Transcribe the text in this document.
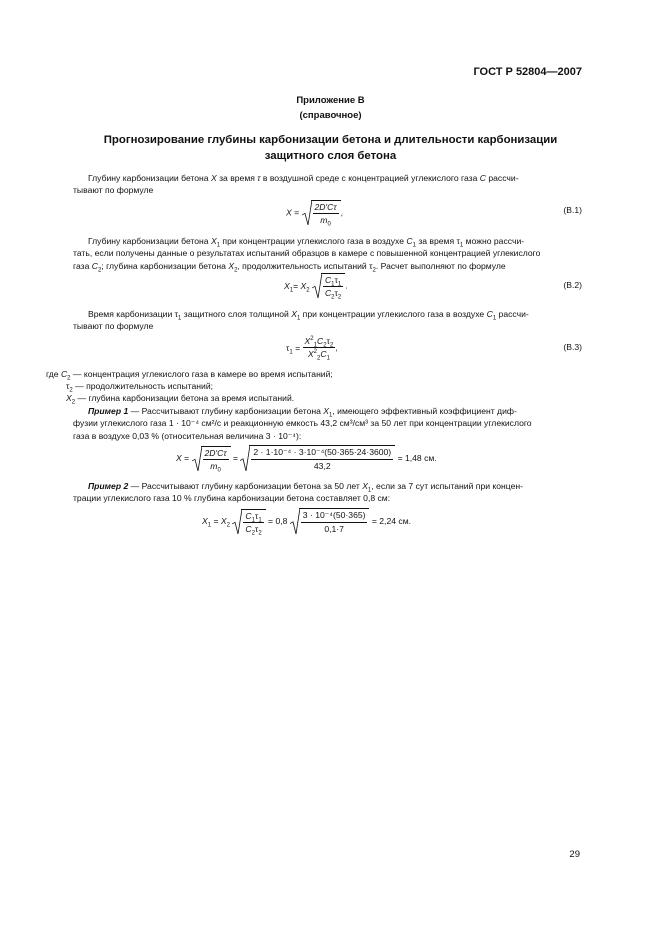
ГОСТ Р 52804—2007
Приложение В
(справочное)
Прогнозирование глубины карбонизации бетона и длительности карбонизации
защитного слоя бетона
Глубину карбонизации бетона X за время τ в воздушной среде с концентрацией углекислого газа C рассчи-
тывают по формуле
$X = \frac{2D'C\tau}{m_0}$ ,	(В.1)
Глубину карбонизации бетона $X_1$ при концентрации углекислого газа в воздухе $C_1$ за время $\tau_1$ можно рассчи-
тать, если получены данные о результатах испытаний образцов в камере с повышенной концентрацией углекислого
газа $C_2$; глубина карбонизации бетона $X_2$, продолжительность испытаний $\tau_2$. Расчет выполняют по формуле
$X_1= X_2 \frac{C_1\tau_1}{C_2\tau_2}$ .	(В.2)
Время карбонизации $\tau_1$ защитного слоя толщиной $X_1$ при концентрации углекислого газа в воздухе $C_1$ рассчи-
тывают по формуле
$\tau_1 = \frac{X^2_1C_2\tau_2}{X^2_2C_1}$ ,	(В.3)
где $C_2$ — концентрация углекислого газа в камере во время испытаний;
$\tau_2$ — продолжительность испытаний;
$X_2$ — глубина карбонизации бетона за время испытаний.
Пример 1 — Рассчитывают глубину карбонизации бетона $X_1$, имеющего эффективный коэффициент диф-
фузии углекислого газа 1 · 10⁻⁴ см²/с и реакционную емкость 43,2 см³/см³ за 50 лет при концентрации углекислого
газа в воздухе 0,03 % (относительная величина 3 · 10⁻⁴):
$X = \frac{2D'C\tau}{m_0} = \frac{\text{2 · 1·10⁻⁴ · 3·10⁻⁴(50·365·24·3600)}}{43,2} = 1,48$ см.
Пример 2 — Рассчитывают глубину карбонизации бетона за 50 лет $X_1$, если за 7 сут испытаний при концен-
трации углекислого газа 10 % глубина карбонизации бетона составляет 0,8 см:
$X_1 = X_2 \frac{C_1\tau_1}{C_2\tau_2} = 0,8 \frac{\text{3 · 10⁻⁴(50·365)}}{0,1\cdot 7} = 2,24$ см.
29
